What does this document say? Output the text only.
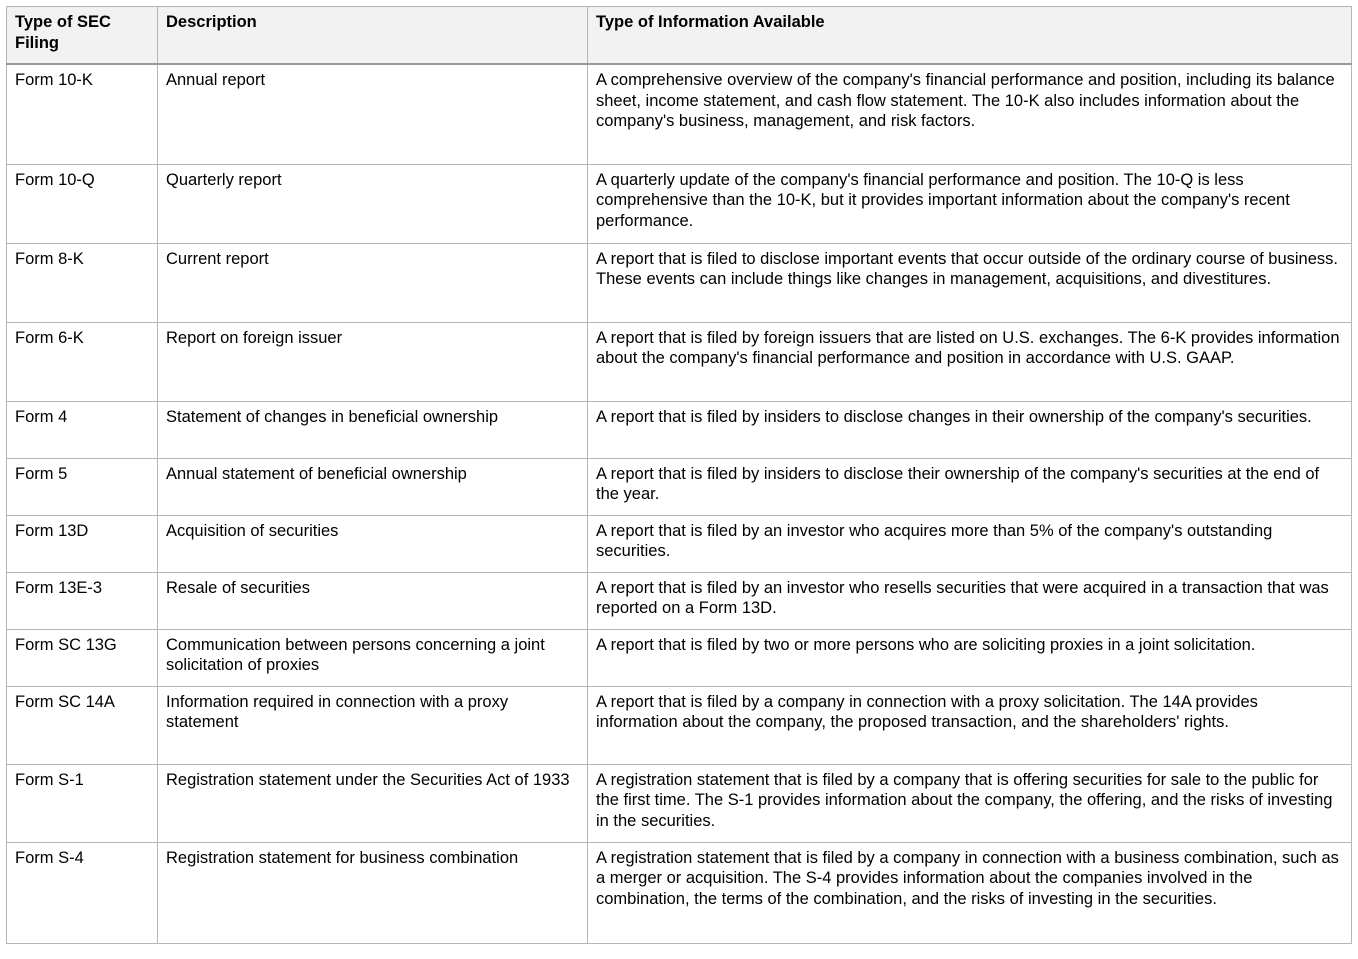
Type of SEC Filing	Description	Type of Information Available
Form 10-K	Annual report	A comprehensive overview of the company's financial performance and position, including its balance sheet, income statement, and cash flow statement. The 10-K also includes information about the company's business, management, and risk factors.
Form 10-Q	Quarterly report	A quarterly update of the company's financial performance and position. The 10-Q is less comprehensive than the 10-K, but it provides important information about the company's recent performance.
Form 8-K	Current report	A report that is filed to disclose important events that occur outside of the ordinary course of business. These events can include things like changes in management, acquisitions, and divestitures.
Form 6-K	Report on foreign issuer	A report that is filed by foreign issuers that are listed on U.S. exchanges. The 6-K provides information about the company's financial performance and position in accordance with U.S. GAAP.
Form 4	Statement of changes in beneficial ownership	A report that is filed by insiders to disclose changes in their ownership of the company's securities.
Form 5	Annual statement of beneficial ownership	A report that is filed by insiders to disclose their ownership of the company's securities at the end of the year.
Form 13D	Acquisition of securities	A report that is filed by an investor who acquires more than 5% of the company's outstanding securities.
Form 13E-3	Resale of securities	A report that is filed by an investor who resells securities that were acquired in a transaction that was reported on a Form 13D.
Form SC 13G	Communication between persons concerning a joint solicitation of proxies	A report that is filed by two or more persons who are soliciting proxies in a joint solicitation.
Form SC 14A	Information required in connection with a proxy statement	A report that is filed by a company in connection with a proxy solicitation. The 14A provides information about the company, the proposed transaction, and the shareholders' rights.
Form S-1	Registration statement under the Securities Act of 1933	A registration statement that is filed by a company that is offering securities for sale to the public for the first time. The S-1 provides information about the company, the offering, and the risks of investing in the securities.
Form S-4	Registration statement for business combination	A registration statement that is filed by a company in connection with a business combination, such as a merger or acquisition. The S-4 provides information about the companies involved in the combination, the terms of the combination, and the risks of investing in the securities.
